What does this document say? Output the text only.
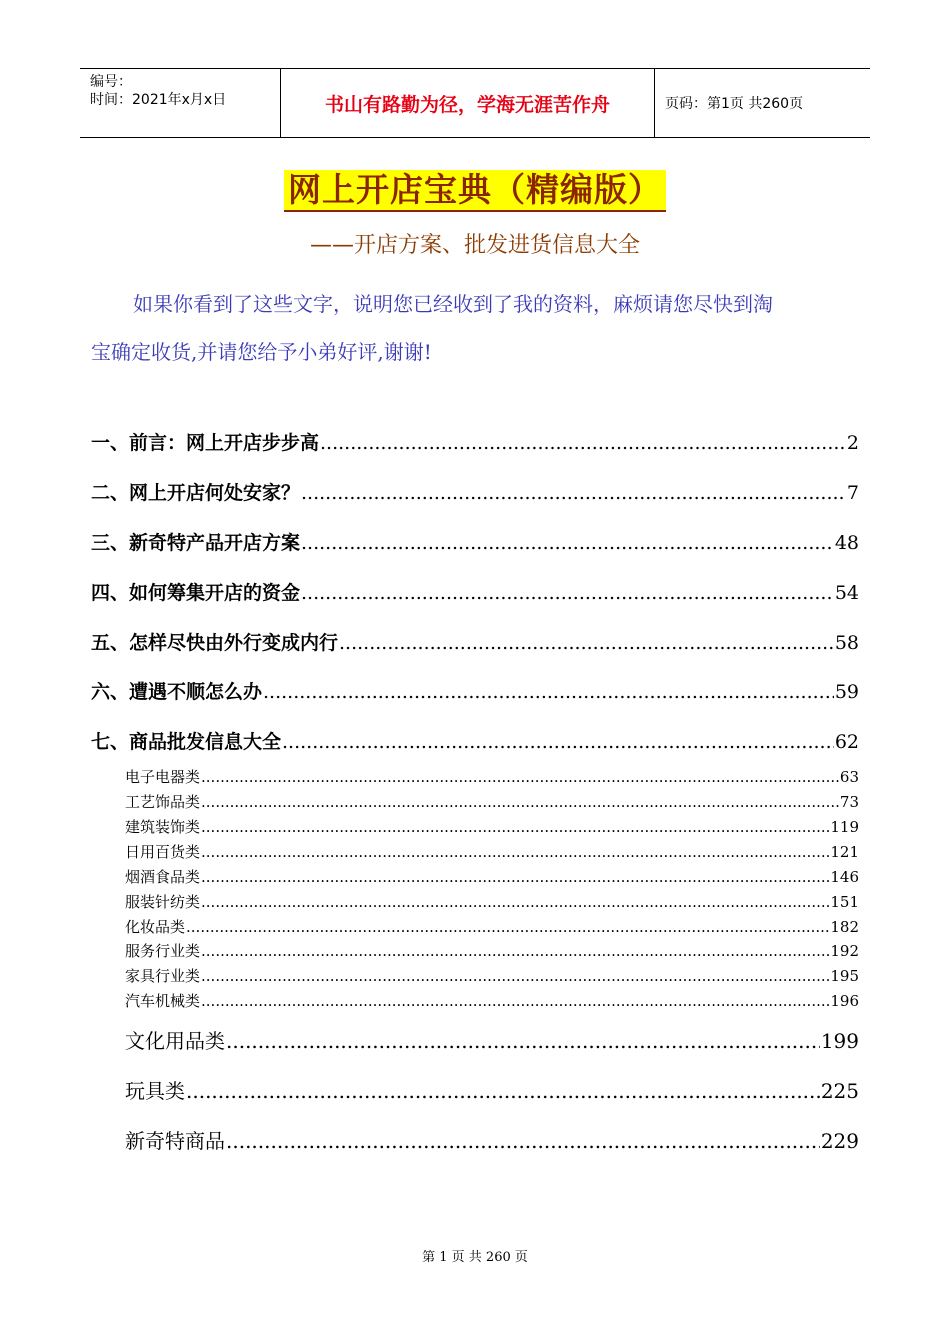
编号：
时间：2021年x月x日	书山有路勤为径，学海无涯苦作舟	页码：第1页 共260页
网上开店宝典（精编版）
——开店方案、批发进货信息大全
如果你看到了这些文字，说明您已经收到了我的资料，麻烦请您尽快到淘
宝确定收货,并请您给予小弟好评,谢谢!
一、前言：网上开店步步高 .....	2
二、网上开店何处安家？ .....	7
三、新奇特产品开店方案 .....	48
四、如何筹集开店的资金 .....	54
五、怎样尽快由外行变成内行 .....	58
六、遭遇不顺怎么办 .....	59
七、商品批发信息大全 .....	62
电子电器类 .....	63
工艺饰品类 .....	73
建筑装饰类 .....	119
日用百货类 .....	121
烟酒食品类 .....	146
服装针纺类 .....	151
化妆品类 .....	182
服务行业类 .....	192
家具行业类 .....	195
汽车机械类 .....	196
文化用品类 .....	199
玩具类 .....	225
新奇特商品 .....	229
第 1 页 共 260 页
